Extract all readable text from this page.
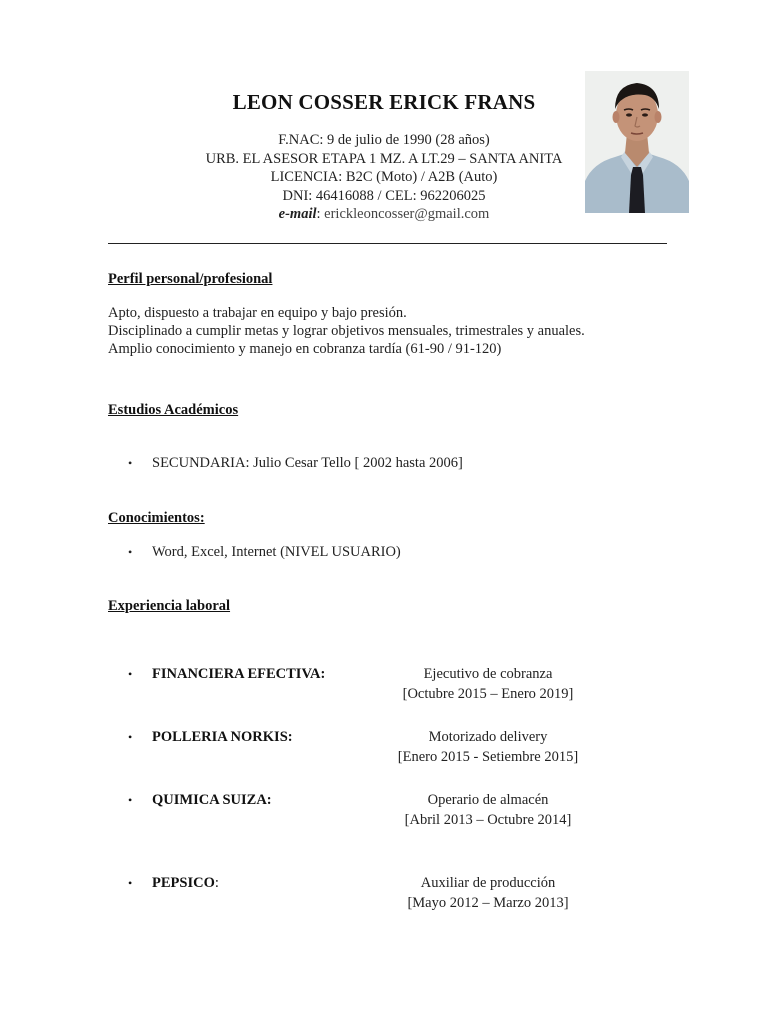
LEON COSSER ERICK FRANS
F.NAC: 9 de julio de 1990 (28 años)
URB. EL ASESOR ETAPA 1 MZ. A LT.29 – SANTA ANITA
LICENCIA: B2C (Moto) / A2B (Auto)
DNI: 46416088 / CEL: 962206025
e-mail: erickleoncosser@gmail.com
Perfil personal/profesional
Apto, dispuesto a trabajar en equipo y bajo presión.
Disciplinado a cumplir metas y lograr objetivos mensuales, trimestrales y anuales.
Amplio conocimiento y manejo en cobranza tardía (61-90 / 91-120)
Estudios Académicos
• SECUNDARIA: Julio Cesar Tello [ 2002 hasta 2006]
Conocimientos:
• Word, Excel, Internet (NIVEL USUARIO)
Experiencia laboral
• FINANCIERA EFECTIVA:	Ejecutivo de cobranza
[Octubre 2015 – Enero 2019]
• POLLERIA NORKIS:	Motorizado delivery
[Enero 2015 - Setiembre 2015]
• QUIMICA SUIZA:	Operario de almacén
[Abril 2013 – Octubre 2014]
• PEPSICO:	Auxiliar de producción
[Mayo 2012 – Marzo 2013]
